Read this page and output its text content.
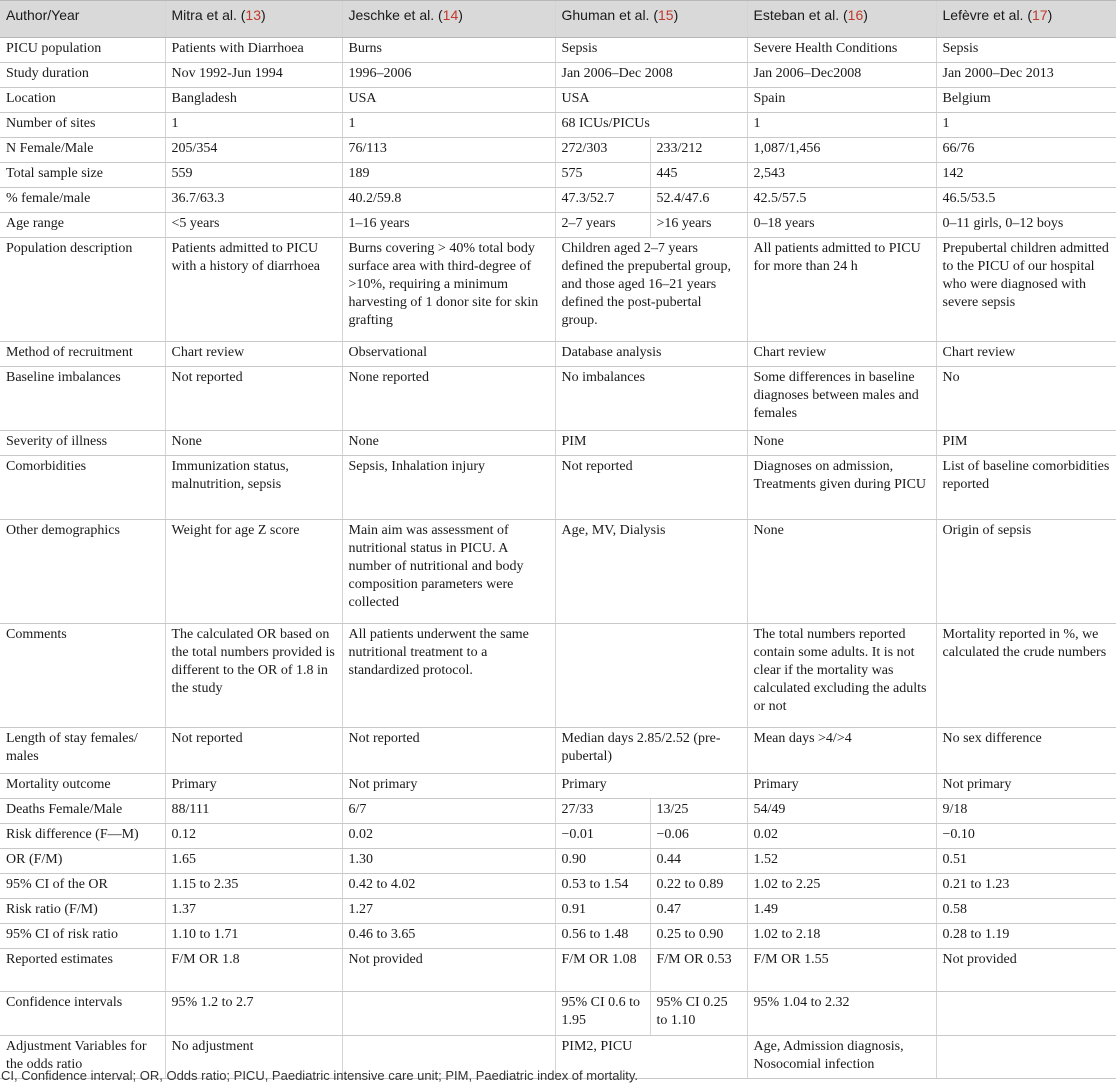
Author/Year	Mitra et al. (13)	Jeschke et al. (14)	Ghuman et al. (15)		Esteban et al. (16)	Lefèvre et al. (17)
PICU population	Patients with Diarrhoea	Burns	Sepsis		Severe Health Conditions	Sepsis
Study duration	Nov 1992-Jun 1994	1996–2006	Jan 2006–Dec 2008		Jan 2006–Dec2008	Jan 2000–Dec 2013
Location	Bangladesh	USA	USA		Spain	Belgium
Number of sites	1	1	68 ICUs/PICUs		1	1
N Female/Male	205/354	76/113	272/303	233/212	1,087/1,456	66/76
Total sample size	559	189	575	445	2,543	142
% female/male	36.7/63.3	40.2/59.8	47.3/52.7	52.4/47.6	42.5/57.5	46.5/53.5
Age range	<5 years	1–16 years	2–7 years	>16 years	0–18 years	0–11 girls, 0–12 boys
Population description	Patients admitted to PICU with a history of diarrhoea	Burns covering > 40% total body surface area with third-degree of >10%, requiring a minimum harvesting of 1 donor site for skin grafting	Children aged 2–7 years defined the prepubertal group, and those aged 16–21 years defined the post-pubertal group.		All patients admitted to PICU for more than 24 h	Prepubertal children admitted to the PICU of our hospital who were diagnosed with severe sepsis
Method of recruitment	Chart review	Observational	Database analysis		Chart review	Chart review
Baseline imbalances	Not reported	None reported	No imbalances		Some differences in baseline diagnoses between males and females	No
Severity of illness	None	None	PIM		None	PIM
Comorbidities	Immunization status, malnutrition, sepsis	Sepsis, Inhalation injury	Not reported		Diagnoses on admission, Treatments given during PICU	List of baseline comorbidities reported
Other demographics	Weight for age Z score	Main aim was assessment of nutritional status in PICU. A number of nutritional and body composition parameters were collected	Age, MV, Dialysis		None	Origin of sepsis
Comments	The calculated OR based on the total numbers provided is different to the OR of 1.8 in the study	All patients underwent the same nutritional treatment to a standardized protocol.			The total numbers reported contain some adults. It is not clear if the mortality was calculated excluding the adults or not	Mortality reported in %, we calculated the crude numbers
Length of stay females/ males	Not reported	Not reported	Median days 2.85/2.52 (pre-pubertal)		Mean days >4/>4	No sex difference
Mortality outcome	Primary	Not primary	Primary		Primary	Not primary
Deaths Female/Male	88/111	6/7	27/33	13/25	54/49	9/18
Risk difference (F—M)	0.12	0.02	−0.01	−0.06	0.02	−0.10
OR (F/M)	1.65	1.30	0.90	0.44	1.52	0.51
95% CI of the OR	1.15 to 2.35	0.42 to 4.02	0.53 to 1.54	0.22 to 0.89	1.02 to 2.25	0.21 to 1.23
Risk ratio (F/M)	1.37	1.27	0.91	0.47	1.49	0.58
95% CI of risk ratio	1.10 to 1.71	0.46 to 3.65	0.56 to 1.48	0.25 to 0.90	1.02 to 2.18	0.28 to 1.19
Reported estimates	F/M OR 1.8	Not provided	F/M OR 1.08	F/M OR 0.53	F/M OR 1.55	Not provided
Confidence intervals	95% 1.2 to 2.7		95% CI 0.6 to 1.95	95% CI 0.25 to 1.10	95% 1.04 to 2.32	
Adjustment Variables for the odds ratio	No adjustment		PIM2, PICU		Age, Admission diagnosis, Nosocomial infection	
CI, Confidence interval; OR, Odds ratio; PICU, Paediatric intensive care unit; PIM, Paediatric index of mortality.
